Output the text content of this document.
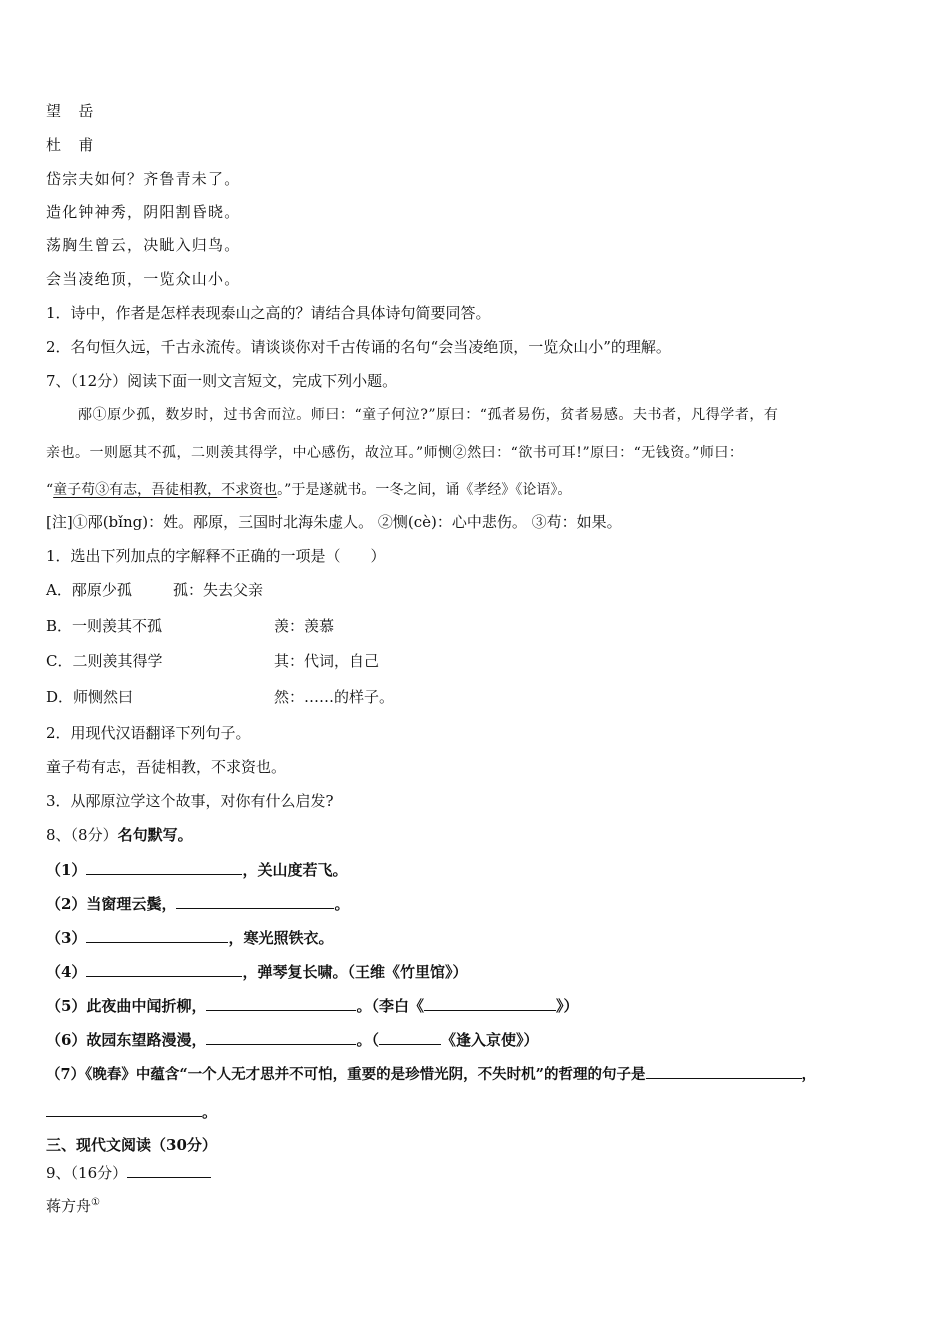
望　岳
杜　甫
岱宗夫如何？齐鲁青未了。
造化钟神秀，阴阳割昏晓。
荡胸生曾云，决眦入归鸟。
会当凌绝顶，一览众山小。
1．诗中，作者是怎样表现泰山之高的？请结合具体诗句简要同答。
2．名句恒久远，千古永流传。请谈谈你对千古传诵的名句“会当凌绝顶，一览众山小”的理解。
7、（12分）阅读下面一则文言短文，完成下列小题。
邴①原少孤，数岁时，过书舍而泣。师曰：“童子何泣?”原曰：“孤者易伤，贫者易感。夫书者，凡得学者，有
亲也。一则愿其不孤，二则羡其得学，中心感伤，故泣耳。”师恻②然曰：“欲书可耳!”原曰：“无钱资。”师曰：
“童子苟③有志，吾徒相教，不求资也。”于是遂就书。一冬之间，诵《孝经》《论语》。
[注]①邴(bǐng)：姓。邴原，三国时北海朱虚人。 ②恻(cè)：心中悲伤。 ③苟：如果。
1．选出下列加点的字解释不正确的一项是（　　）
A．邴原少孤	孤：失去父亲
B．一则羡其不孤	羡：羡慕
C．二则羡其得学	其：代词，自己
D．师恻然曰	然：……的样子。
2．用现代汉语翻译下列句子。
童子苟有志，吾徒相教，不求资也。
3．从邴原泣学这个故事，对你有什么启发?
8、（8分）名句默写。
（1）	，关山度若飞。
（2）当窗理云鬓，	。
（3）	，寒光照铁衣。
（4）	，弹琴复长啸。（王维《竹里馆》）
（5）此夜曲中闻折柳，	。（李白《	》）
（6）故园东望路漫漫，	。（	《逢入京使》）
（7）《晚春》中蕴含“一个人无才思并不可怕，重要的是珍惜光阴，不失时机”的哲理的句子是	，
。
三、现代文阅读（30分）
9、（16分）
蒋方舟①
